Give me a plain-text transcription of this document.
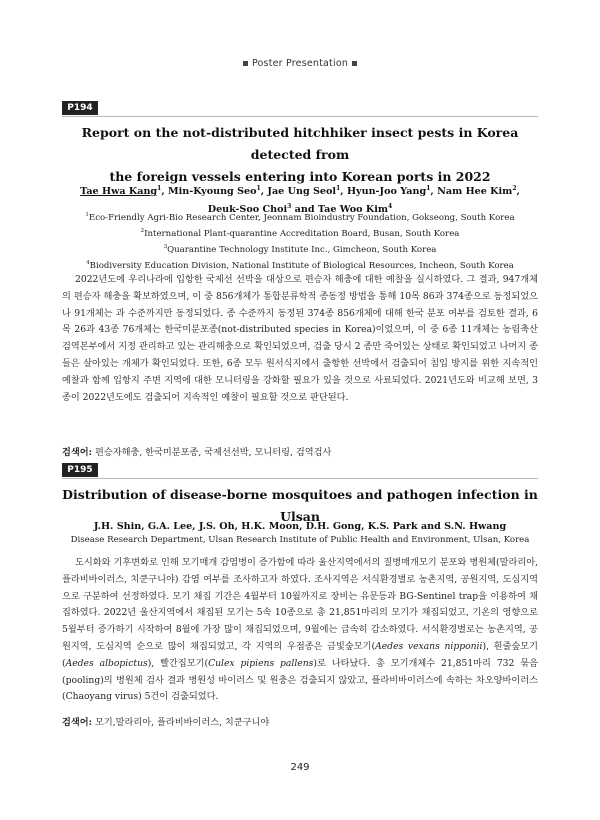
Poster Presentation
P194
Report on the not-distributed hitchhiker insect pests in Korea detected from
the foreign vessels entering into Korean ports in 2022
Tae Hwa Kang$^1$, Min-Kyoung Seo$^1$, Jae Ung Seol$^1$, Hyun-Joo Yang$^1$, Nam Hee Kim$^2$,
Deuk-Soo Choi$^3$ and Tae Woo Kim$^4$
$^1$Eco-Friendly Agri-Bio Research Center, Jeonnam Bioindustry Foundation, Gokseong, South Korea
$^2$International Plant-quarantine Accreditation Board, Busan, South Korea
$^3$Quarantine Technology Institute Inc., Gimcheon, South Korea
$^4$Biodiversity Education Division, National Institute of Biological Resources, Incheon, South Korea

2022년도에 우리나라에 입항한 국제선 선박을 대상으로 편승자 해충에 대한 예찰을 실시하였다. 그 결과, 947개체의 편승자 해충을 확보하였으며, 이 중 856개체가 통합분류학적 종동정 방법을 통해 10목 86과 374종으로 동정되었으나 91개체는 과 수준까지만 동정되었다. 종 수준까지 동정된 374종 856개체에 대해 한국 분포 여부를 검토한 결과, 6목 26과 43종 76개체는 한국미분포종(not-distributed species in Korea)이었으며, 이 중 6종 11개체는 농림축산검역본부에서 지정 관리하고 있는 관리해충으로 확인되었으며, 검출 당시 2 종만 죽어있는 상태로 확인되었고 나머지 종들은 살아있는 개체가 확인되었다. 또한, 6종 모두 원서식지에서 출항한 선박에서 검출되어 침입 방지를 위한 지속적인 예찰과 함께 입항지 주변 지역에 대한 모니터링을 강화할 필요가 있을 것으로 사료되었다. 2021년도와 비교해 보면, 3종이 2022년도에도 검출되어 지속적인 예찰이 필요할 것으로 판단된다.

검색어: 편승자해충, 한국미분포종, 국제선선박, 모니터링, 검역검사
P195
Distribution of disease-borne mosquitoes and pathogen infection in Ulsan
J.H. Shin, G.A. Lee, J.S. Oh, H.K. Moon, D.H. Gong, K.S. Park and S.N. Hwang
Disease Research Department, Ulsan Research Institute of Public Health and Environment, Ulsan, Korea

도시화와 기후변화로 인해 모기매개 감염병이 증가함에 따라 울산지역에서의 질병매개모기 분포와 병원체(말라리아, 플라비바이러스, 치쿤구니야) 감염 여부를 조사하고자 하였다. 조사지역은 서식환경별로 농촌지역, 공원지역, 도심지역으로 구분하여 선정하였다. 모기 채집 기간은 4월부터 10월까지로 장비는 유문등과 BG-Sentinel trap을 이용하여 채집하였다. 2022년 울산지역에서 채집된 모기는 5속 10종으로 총 21,851마리의 모기가 채집되었고, 기온의 영향으로 5월부터 증가하기 시작하여 8월에 가장 많이 채집되었으며, 9월에는 급속히 감소하였다. 서식환경별로는 농촌지역, 공원지역, 도심지역 순으로 많이 채집되었고, 각 지역의 우점종은 금빛숲모기(Aedes vexans nipponii), 흰줄숲모기(Aedes albopictus), 빨간집모기(Culex pipiens pallens)로 나타났다. 총 모기개체수 21,851마리 732 묶음(pooling)의 병원체 검사 결과 병원성 바이러스 및 원충은 검출되지 않았고, 플라비바이러스에 속하는 차오양바이러스(Chaoyang virus) 5건이 검출되었다.

검색어: 모기,말라리아, 플라비바이러스, 치쿤구니야
249
